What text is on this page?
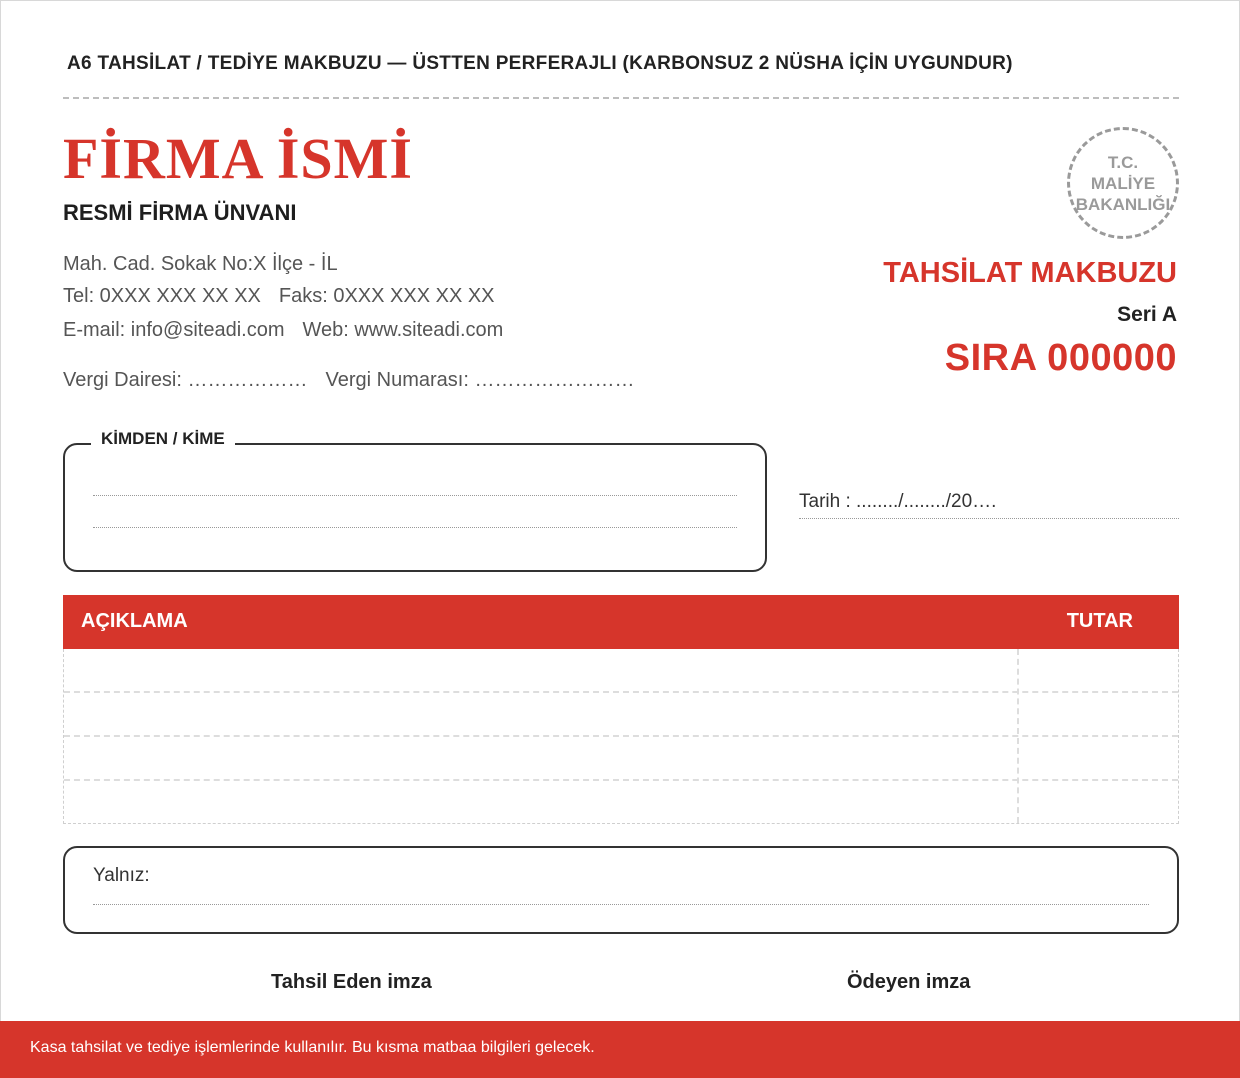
A6 TAHSİLAT / TEDİYE MAKBUZU — ÜSTTEN PERFERAJLI (KARBONSUZ 2 NÜSHA İÇİN UYGUNDUR)
FİRMA İSMİ
RESMİ FİRMA ÜNVANI
Mah. Cad. Sokak No:X İlçe - İL
Tel: 0XXX XXX XX XX Faks: 0XXX XXX XX XX
E-mail: info@siteadi.com Web: www.siteadi.com
Vergi Dairesi: ……………… Vergi Numarası: ……………………
T.C.
MALİYE
BAKANLIĞI
TAHSİLAT MAKBUZU
Seri A
SIRA 000000
KİMDEN / KİME
Tarih : ......../......../20….
AÇIKLAMA	TUTAR
Yalnız:
Tahsil Eden imza	Ödeyen imza
Kasa tahsilat ve tediye işlemlerinde kullanılır. Bu kısma matbaa bilgileri gelecek.
